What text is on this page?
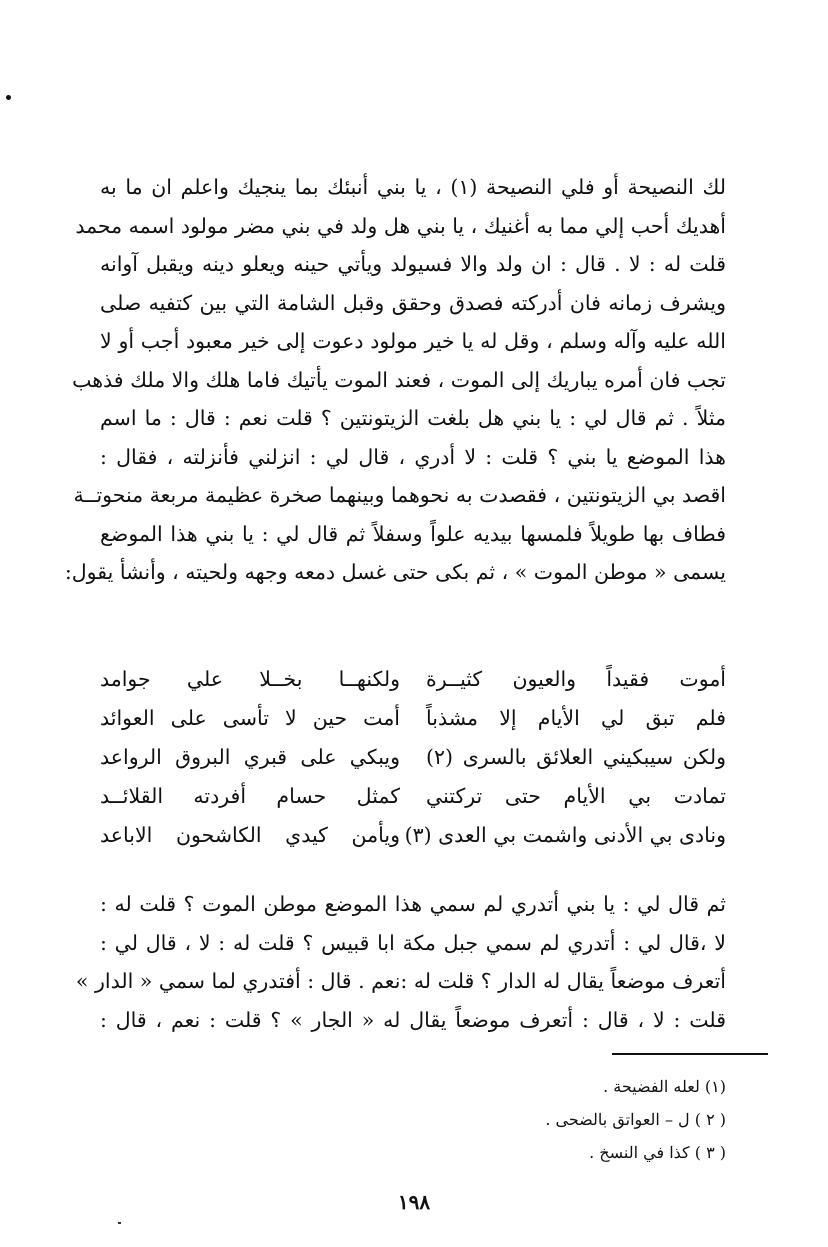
لك النصيحة أو فلي النصيحة (١) ، يا بني أنبئك بما ينجيك واعلم ان ما به
أهديك أحب إلي مما به أغنيك ، يا بني هل ولد في بني مضر مولود اسمه محمد
قلت له : لا . قال : ان ولد والا فسيولد ويأتي حينه ويعلو دينه ويقبل آوانه
ويشرف زمانه فان أدركته فصدق وحقق وقبل الشامة التي بين كتفيه صلى
الله عليه وآله وسلم ، وقل له يا خير مولود دعوت إلى خير معبود أجب أو لا
تجب فان أمره يباريك إلى الموت ، فعند الموت يأتيك فاما هلك والا ملك فذهب
مثلاً . ثم قال لي : يا بني هل بلغت الزيتونتين ؟ قلت نعم : قال : ما اسم
هذا الموضع يا بني ؟ قلت : لا أدري ، قال لي : انزلني فأنزلته ، فقال :
اقصد بي الزيتونتين ، فقصدت به نحوهما وبينهما صخرة عظيمة مربعة منحوتــة
فطاف بها طويلاً فلمسها بيديه علواً وسفلاً ثم قال لي : يا بني هذا الموضع
يسمى « موطن الموت » ، ثم بكى حتى غسل دمعه وجهه ولحيته ، وأنشأ يقول:
أموت فقيداً والعيون كثيــرة
ولكنهــا بخــلا علي جوامد
فلم تبق لي الأيام إلا مشذباً
أمت حين لا تأسى على العوائد
ولكن سيبكيني العلائق بالسرى (٢)
ويبكي على قبري البروق الرواعد
تمادت بي الأيام حتى تركتني
كمثل حسام أفردته القلائــد
ونادى بي الأدنى واشمت بي العدى (٣)
ويأمن كيدي الكاشحون الاباعد
ثم قال لي : يا بني أتدري لم سمي هذا الموضع موطن الموت ؟ قلت له :
لا ،قال لي : أتدري لم سمي جبل مكة ابا قبيس ؟ قلت له : لا ، قال لي :
أتعرف موضعاً يقال له الدار ؟ قلت له :نعم . قال : أفتدري لما سمي « الدار »
قلت : لا ، قال : أتعرف موضعاً يقال له « الجار » ؟ قلت : نعم ، قال :
(١) لعله الفضيحة .
( ٢ ) ل – العواتق بالضحى .
( ٣ ) كذا في النسخ .
١٩٨
